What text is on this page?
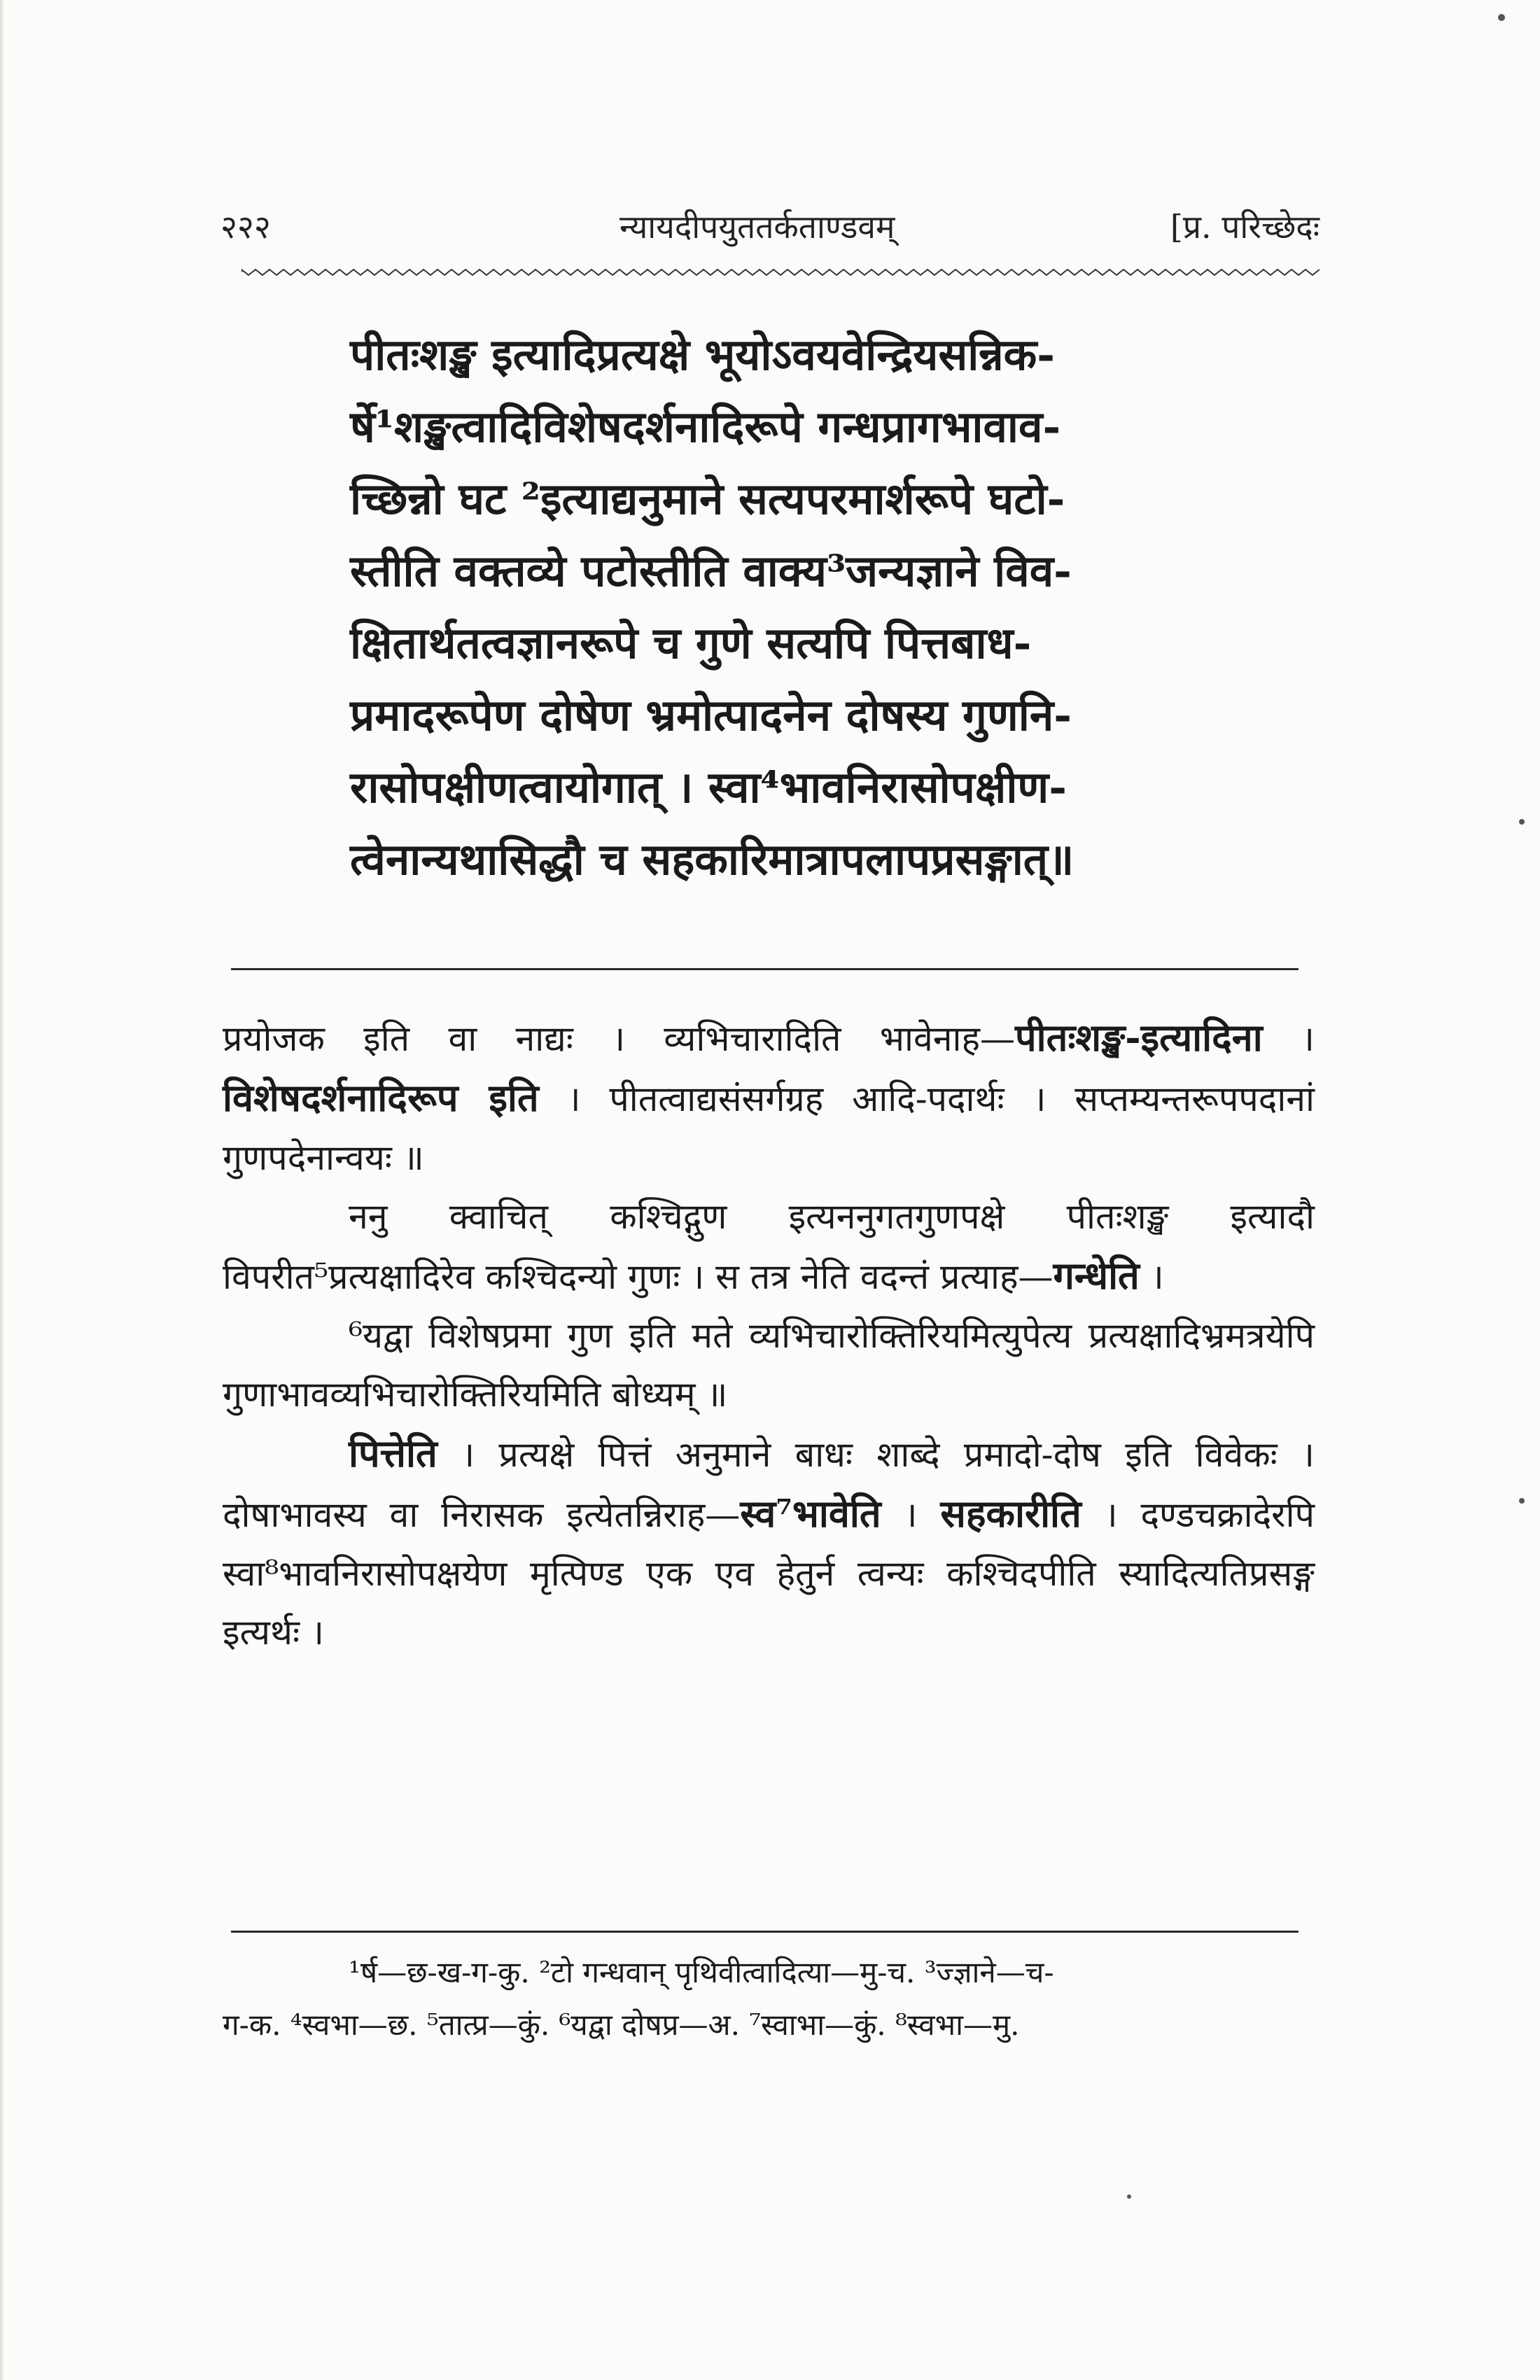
२२२	न्यायदीपयुततर्कताण्डवम्	[प्र. परिच्छेदः
पीतःशङ्ख इत्यादिप्रत्यक्षे भूयोऽवयवेन्द्रियसन्निक-
र्षे¹शङ्खत्वादिविशेषदर्शनादिरूपे गन्धप्रागभावाव-
च्छिन्नो घट ²इत्याद्यनुमाने सत्यपरमार्शरूपे घटो-
स्तीति वक्तव्ये पटोस्तीति वाक्य³जन्यज्ञाने विव-
क्षितार्थतत्वज्ञानरूपे च गुणे सत्यपि पित्तबाध-
प्रमादरूपेण दोषेण भ्रमोत्पादनेन दोषस्य गुणनि-
रासोपक्षीणत्वायोगात् । स्वा⁴भावनिरासोपक्षीण-
त्वेनान्यथासिद्धौ च सहकारिमात्रापलापप्रसङ्गात्॥

प्रयोजक इति वा नाद्यः । व्यभिचारादिति भावेनाह—पीतःशङ्ख-इत्यादिना । विशेषदर्शनादिरूप इति । पीतत्वाद्यसंसर्गग्रह आदि-पदार्थः । सप्तम्यन्तरूपपदानां गुणपदेनान्वयः ॥

ननु क्वाचित् कश्चिद्गुण इत्यननुगतगुणपक्षे पीतःशङ्ख इत्यादौ विपरीत⁵प्रत्यक्षादिरेव कश्चिदन्यो गुणः । स तत्र नेति वदन्तं प्रत्याह—गन्धेति ।

⁶यद्वा विशेषप्रमा गुण इति मते व्यभिचारोक्तिरियमित्युपेत्य प्रत्यक्षादिभ्रमत्रयेपि गुणाभावव्यभिचारोक्तिरियमिति बोध्यम् ॥

पित्तेति । प्रत्यक्षे पित्तं अनुमाने बाधः शाब्दे प्रमादो-दोष इति विवेकः । दोषाभावस्य वा निरासक इत्येतन्निराह—स्व⁷भावेति । सहकारीति । दण्डचक्रादेरपि स्वा⁸भावनिरासोपक्षयेण मृत्पिण्ड एक एव हेतुर्न त्वन्यः कश्चिदपीति स्यादित्यतिप्रसङ्ग इत्यर्थः ।

¹र्ष—छ-ख-ग-कु. ²टो गन्धवान् पृथिवीत्वादित्या—मु-च. ³ज्ज्ञाने—च-

ग-क. ⁴स्वभा—छ. ⁵तात्प्र—कुं. ⁶यद्वा दोषप्र—अ. ⁷स्वाभा—कुं. ⁸स्वभा—मु.
